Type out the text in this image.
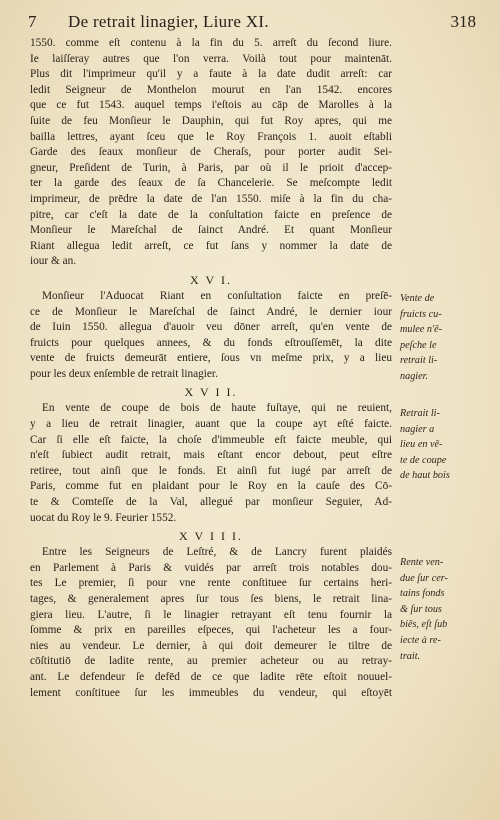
7 De retrait linagier, Liure XI.	318
1550. comme eſt contenu à la fin du 5. arreſt du ſecond liure.
Ie laiſſeray autres que l'on verra. Voilà tout pour maintenāt.
Plus dit l'imprimeur qu'il y a faute à la date dudit arreſt: car
ledit Seigneur de Monthelon mourut en l'an 1542. encores
que ce fut 1543. auquel temps i'eſtois au cāp de Marolles à la
ſuite de feu Monſieur le Dauphin, qui fut Roy apres, qui me
bailla lettres, ayant ſceu que le Roy François 1. auoit eſtabli
Garde des ſeaux monſieur de Cheraſs, pour porter audit Sei-
gneur, Preſident de Turin, à Paris, par où il le prioit d'accep-
ter la garde des ſeaux de ſa Chancelerie. Se meſcompte ledit
imprimeur, de prēdre la date de l'an 1550. miſe à la fin du cha-
pitre, car c'eſt la date de la conſultation faicte en preſence de
Monſieur le Mareſchal de ſainct André. Et quant Monſieur
Riant allegua ledit arreſt, ce fut ſans y nommer la date de
iour & an.
X V I.
Monſieur l'Aduocat Riant en conſultation faicte en preſē-
ce de Monſieur le Mareſchal de ſainct André, le dernier iour
de Iuin 1550. allegua d'auoir veu dōner arreſt, qu'en vente de
fruicts pour quelques annees, & du fonds eſtrouſſemēt, la dite
vente de fruicts demeurāt entiere, ſous vn meſme prix, y a lieu
pour les deux enſemble de retrait linagier.
X V I I.
En vente de coupe de bois de haute fuſtaye, qui ne reuient,
y a lieu de retrait linagier, auant que la coupe ayt eſté faicte.
Car ſi elle eſt faicte, la choſe d'immeuble eſt faicte meuble, qui
n'eſt ſubiect audit retrait, mais eſtant encor debout, peut eſtre
retiree, tout ainſi que le fonds. Et ainſi fut iugé par arreſt de
Paris, comme fut en plaidant pour le Roy en la cauſe des Cō-
te & Comteſſe de la Val, allegué par monſieur Seguier, Ad-
uocat du Roy le 9. Feurier 1552.
X V I I I.
Entre les Seigneurs de Leſtré, & de Lancry furent plaidés
en Parlement à Paris & vuidés par arreſt trois notables dou-
tes Le premier, ſi pour vne rente conſtituee ſur certains heri-
tages, & generalement apres ſur tous ſes biens, le retrait lina-
giera lieu. L'autre, ſi le linagier retrayant eſt tenu fournir la
ſomme & prix en pareilles eſpeces, qui l'acheteur les a four-
nies au vendeur. Le dernier, à qui doit demeurer le tiltre de
cōſtitutiō de ladite rente, au premier acheteur ou au retray-
ant. Le defendeur ſe defēd de ce que ladite rēte eſtoit nouuel-
lement conſtituee ſur les immeubles du vendeur, qui eſtoyēt
Vente de
fruicts cu-
mulee n'ē-
peſche le
retrait li-
nagier.
Retrait li-
nagier a
lieu en vē-
te de coupe
de haut bois
Rente ven-
due ſur cer-
tains fonds
& ſur tous
biēs, eſt ſub
iecte à re-
trait.
